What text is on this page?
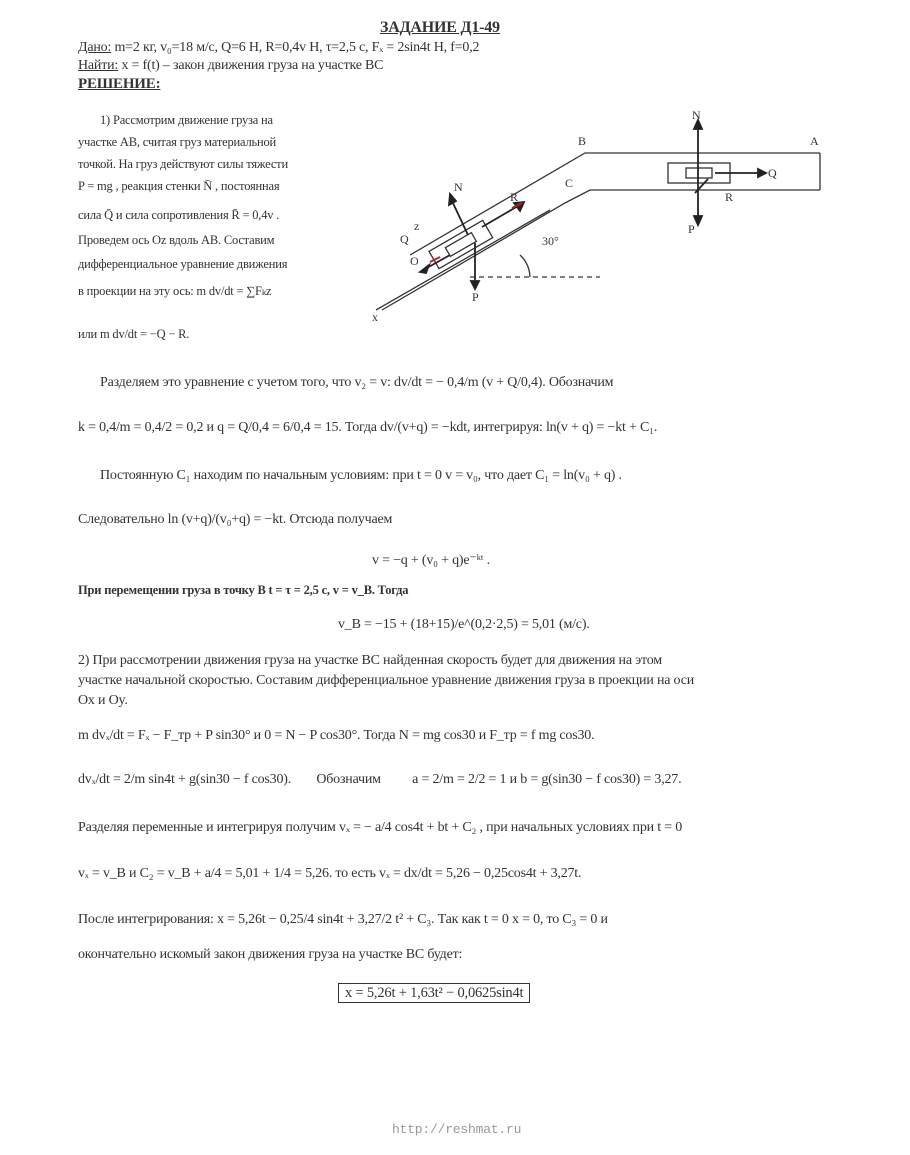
ЗАДАНИЕ Д1-49
Дано: m=2 кг, v₀=18 м/с, Q=6 Н, R=0,4v Н, τ=2,5 с, Fₓ = 2sin4t Н, f=0,2
Найти: x = f(t) – закон движения груза на участке BC
РЕШЕНИЕ:
1) Рассмотрим движение груза на
участке AB, считая груз материальной
точкой. На груз действуют силы тяжести
P = mg , реакция стенки N̄ , постоянная
сила Q̄ и сила сопротивления R̄ = 0,4v .
Проведем ось Oz вдоль AB. Составим
дифференциальное уравнение движения
в проекции на эту ось: m dv/dt = ∑Fₖz
или m dv/dt = −Q − R.
B	A
C
N
N
P
P
Q
Q
R	R
30°
x
z
O
Разделяем это уравнение с учетом того, что v₂ = v: dv/dt = − 0,4/m (v + Q/0,4). Обозначим
k = 0,4/m = 0,4/2 = 0,2 и q = Q/0,4 = 6/0,4 = 15. Тогда dv/(v+q) = −kdt, интегрируя: ln(v + q) = −kt + C₁.
Постоянную C₁ находим по начальным условиям: при t = 0 v = v₀, что дает C₁ = ln(v₀ + q) .
Следовательно ln (v+q)/(v₀+q) = −kt. Отсюда получаем
v = −q + (v₀ + q)e⁻ᵏᵗ .
При перемещении груза в точку B t = τ = 2,5 с, v = v_B. Тогда
v_B = −15 + (18+15)/e^(0,2·2,5) = 5,01 (м/с).
2) При рассмотрении движения груза на участке BC найденная скорость будет для движения на этом
участке начальной скоростью. Составим дифференциальное уравнение движения груза в проекции на оси
Ox и Oy.
m dvₓ/dt = Fₓ − F_тр + P sin30° и 0 = N − P cos30°. Тогда N = mg cos30 и F_тр = f mg cos30.
dvₓ/dt = 2/m sin4t + g(sin30 − f cos30). Обозначим a = 2/m = 2/2 = 1 и b = g(sin30 − f cos30) = 3,27.
Разделяя переменные и интегрируя получим vₓ = − a/4 cos4t + bt + C₂ , при начальных условиях при t = 0
vₓ = v_B и C₂ = v_B + a/4 = 5,01 + 1/4 = 5,26. то есть vₓ = dx/dt = 5,26 − 0,25cos4t + 3,27t.
После интегрирования: x = 5,26t − 0,25/4 sin4t + 3,27/2 t² + C₃. Так как t = 0 x = 0, то C₃ = 0 и
окончательно искомый закон движения груза на участке BC будет:
x = 5,26t + 1,63t² − 0,0625sin4t
http://reshmat.ru
